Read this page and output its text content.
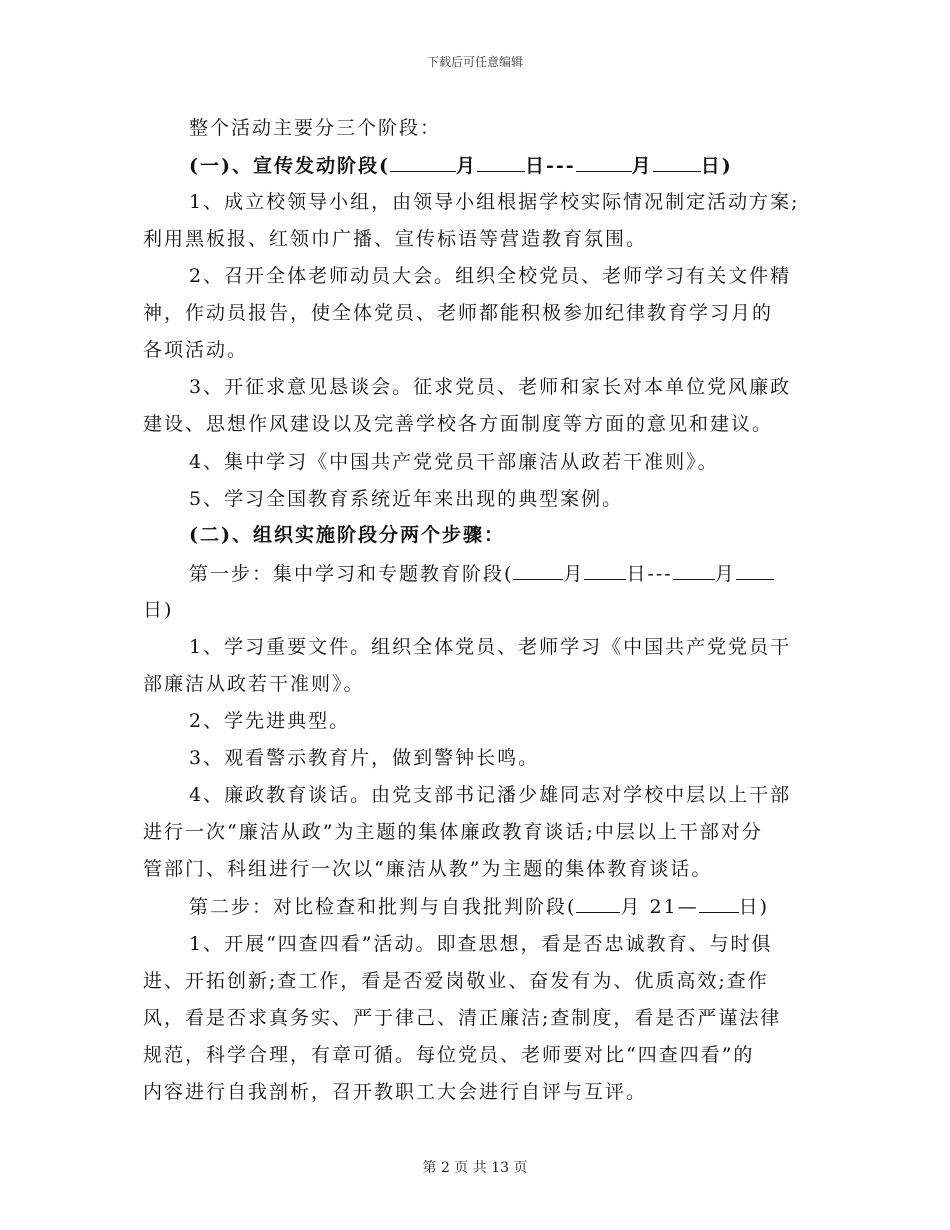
下载后可任意编辑
整个活动主要分三个阶段：
(一)、宣传发动阶段(	月	日---	月	日)
1、成立校领导小组，由领导小组根据学校实际情况制定活动方案;
利用黑板报、红领巾广播、宣传标语等营造教育氛围。
2、召开全体老师动员大会。组织全校党员、老师学习有关文件精
神，作动员报告，使全体党员、老师都能积极参加纪律教育学习月的
各项活动。
3、开征求意见恳谈会。征求党员、老师和家长对本单位党风廉政
建设、思想作风建设以及完善学校各方面制度等方面的意见和建议。
4、集中学习《中国共产党党员干部廉洁从政若干准则》。
5、学习全国教育系统近年来出现的典型案例。
(二)、组织实施阶段分两个步骤：
第一步：集中学习和专题教育阶段(	月 日--- 月
日)
1、学习重要文件。组织全体党员、老师学习《中国共产党党员干
部廉洁从政若干准则》。
2、学先进典型。
3、观看警示教育片，做到警钟长鸣。
4、廉政教育谈话。由党支部书记潘少雄同志对学校中层以上干部
进行一次“廉洁从政”为主题的集体廉政教育谈话;中层以上干部对分
管部门、科组进行一次以“廉洁从教”为主题的集体教育谈话。
第二步：对比检查和批判与自我批判阶段( 月 21— 日)
1、开展“四查四看”活动。即查思想，看是否忠诚教育、与时俱
进、开拓创新;查工作，看是否爱岗敬业、奋发有为、优质高效;查作
风，看是否求真务实、严于律己、清正廉洁;查制度，看是否严谨法律
规范，科学合理，有章可循。每位党员、老师要对比“四查四看”的
内容进行自我剖析，召开教职工大会进行自评与互评。
第 2 页 共 13 页
